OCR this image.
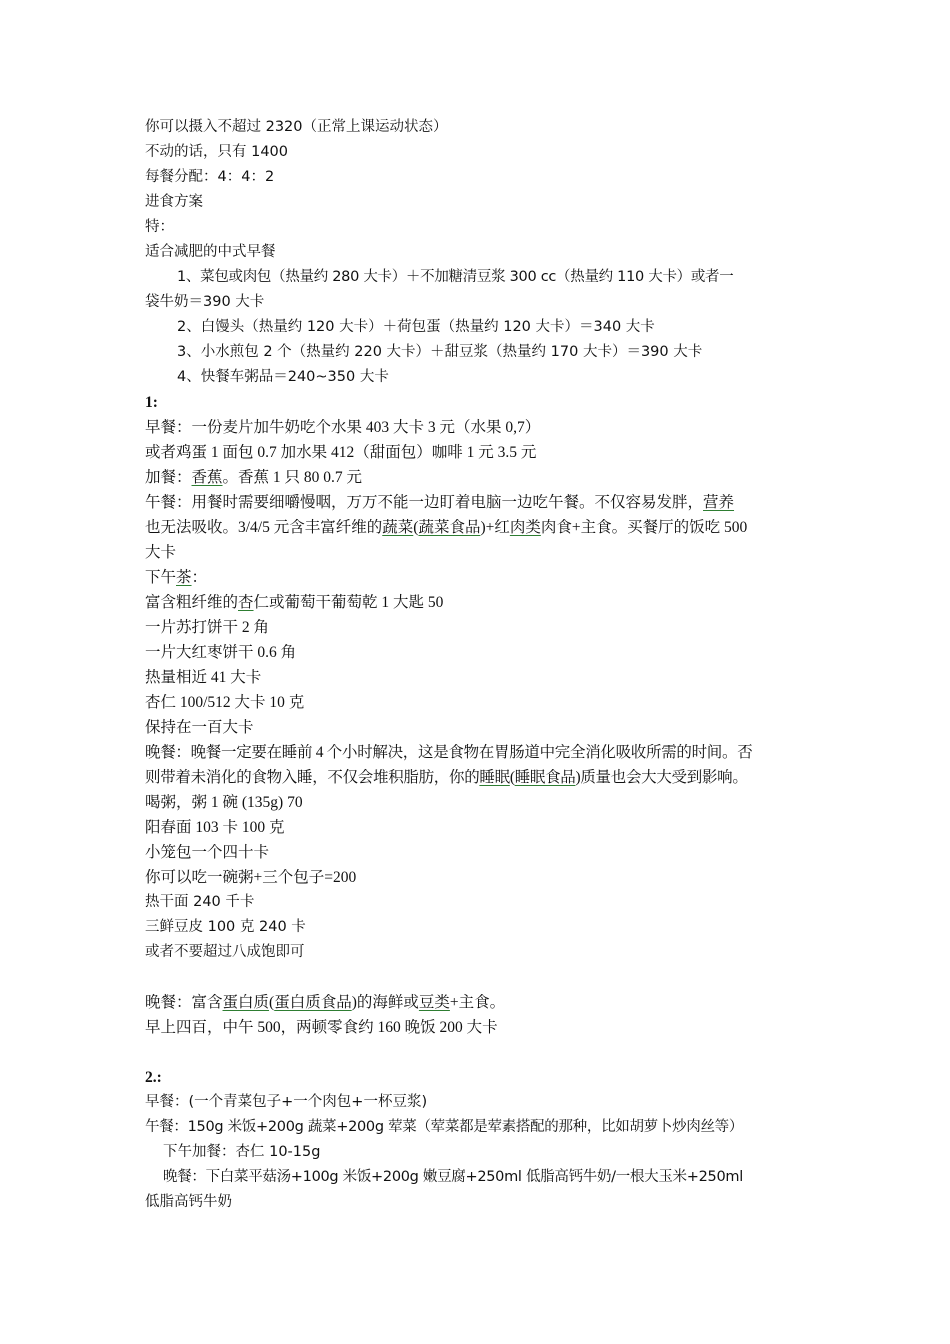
你可以摄入不超过 2320（正常上课运动状态）
不动的话，只有 1400
每餐分配：4：4：2
进食方案
特：
适合减肥的中式早餐
1、菜包或肉包（热量约 280 大卡）＋不加糖清豆浆 300 cc（热量约 110 大卡）或者一
袋牛奶＝390 大卡
2、白馒头（热量约 120 大卡）＋荷包蛋（热量约 120 大卡）＝340 大卡
3、小水煎包 2 个（热量约 220 大卡）＋甜豆浆（热量约 170 大卡）＝390 大卡
4、快餐车粥品＝240~350 大卡
1:
早餐：一份麦片加牛奶吃个水果 403 大卡 3 元（水果 0,7）
或者鸡蛋 1 面包 0.7 加水果 412（甜面包）咖啡 1 元 3.5 元
加餐：香蕉。香蕉 1 只 80 0.7 元
午餐：用餐时需要细嚼慢咽，万万不能一边盯着电脑一边吃午餐。不仅容易发胖，营养
也无法吸收。3/4/5 元含丰富纤维的蔬菜(蔬菜食品)+红肉类肉食+主食。买餐厅的饭吃 500
大卡
下午茶：
富含粗纤维的杏仁或葡萄干葡萄乾 1 大匙 50
一片苏打饼干 2 角
一片大红枣饼干 0.6 角
热量相近 41 大卡
杏仁 100/512 大卡 10 克
保持在一百大卡
晚餐：晚餐一定要在睡前 4 个小时解决，这是食物在胃肠道中完全消化吸收所需的时间。否
则带着未消化的食物入睡，不仅会堆积脂肪，你的睡眠(睡眠食品)质量也会大大受到影响。
喝粥，粥 1 碗 (135g) 70
阳春面 103 卡 100 克
小笼包一个四十卡
你可以吃一碗粥+三个包子=200
热干面 240 千卡
三鲜豆皮 100 克 240 卡
或者不要超过八成饱即可
晚餐：富含蛋白质(蛋白质食品)的海鲜或豆类+主食。
早上四百，中午 500，两顿零食约 160 晚饭 200 大卡
2.:
早餐：(一个青菜包子+一个肉包+一杯豆浆)
午餐：150g 米饭+200g 蔬菜+200g 荤菜（荤菜都是荤素搭配的那种，比如胡萝卜炒肉丝等）
下午加餐：杏仁 10-15g
晚餐：下白菜平菇汤+100g 米饭+200g 嫩豆腐+250ml 低脂高钙牛奶/一根大玉米+250ml
低脂高钙牛奶
